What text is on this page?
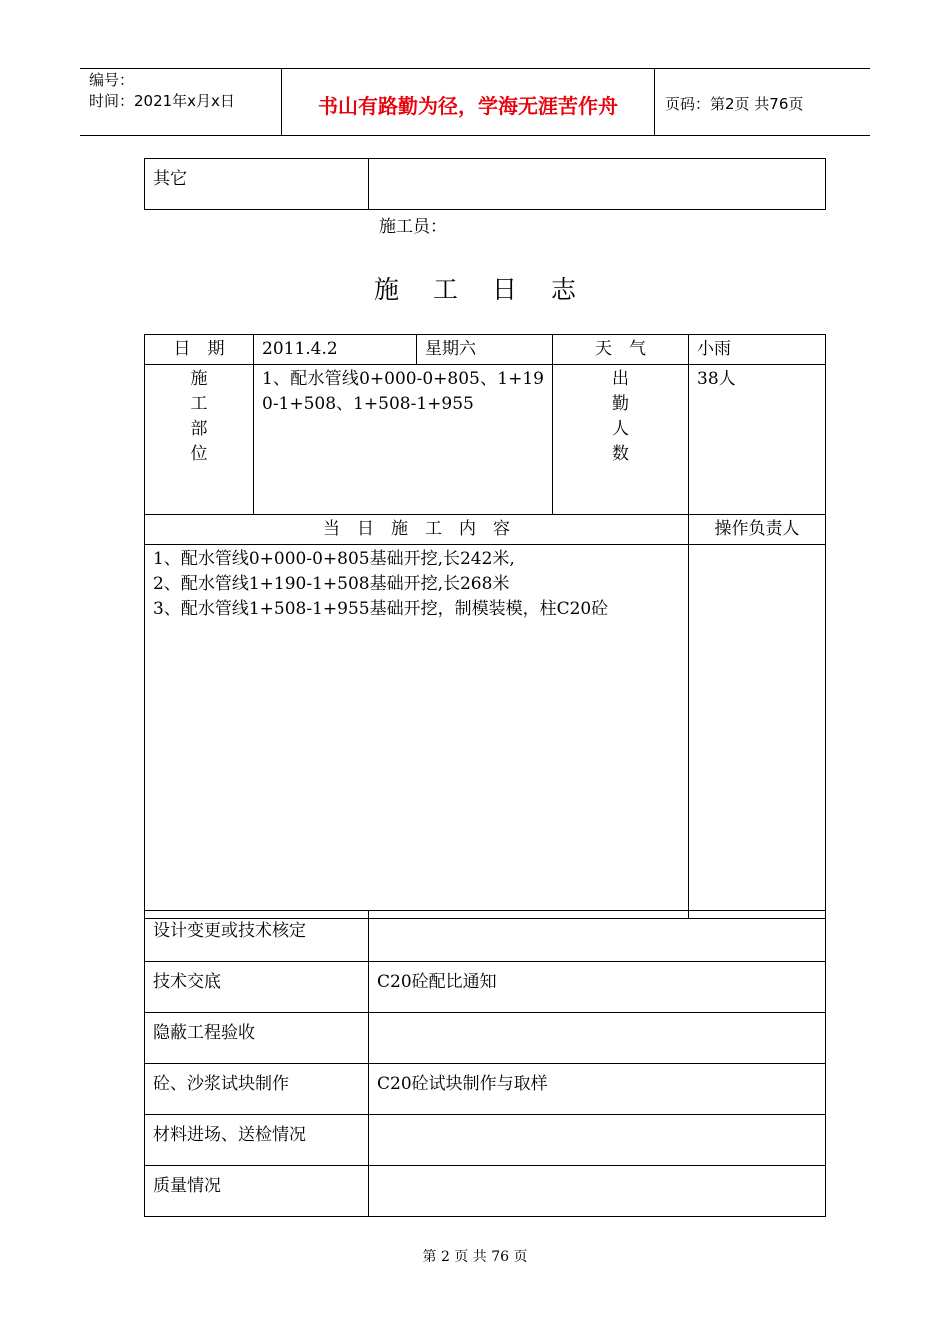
编号：
时间：2021年x月x日	书山有路勤为径，学海无涯苦作舟	页码：第2页 共76页
其它	
施工员：
施工日志
日　期	2011.4.2	星期六	天　气	小雨

施
工
部
位	1、配水管线0+000-0+805、1+190-1+508、1+508-1+955		出
勤
人
数	38人
当　日　施　工　内　容				操作负责人

1、配水管线0+000-0+805基础开挖,长242米,
2、配水管线1+190-1+508基础开挖,长268米
3、配水管线1+508-1+955基础开挖，制模装模，柱C20砼				

设计变更或技术核定	
技术交底	C20砼配比通知
隐蔽工程验收	
砼、沙浆试块制作	C20砼试块制作与取样
材料进场、送检情况	
质量情况	
第 2 页 共 76 页
